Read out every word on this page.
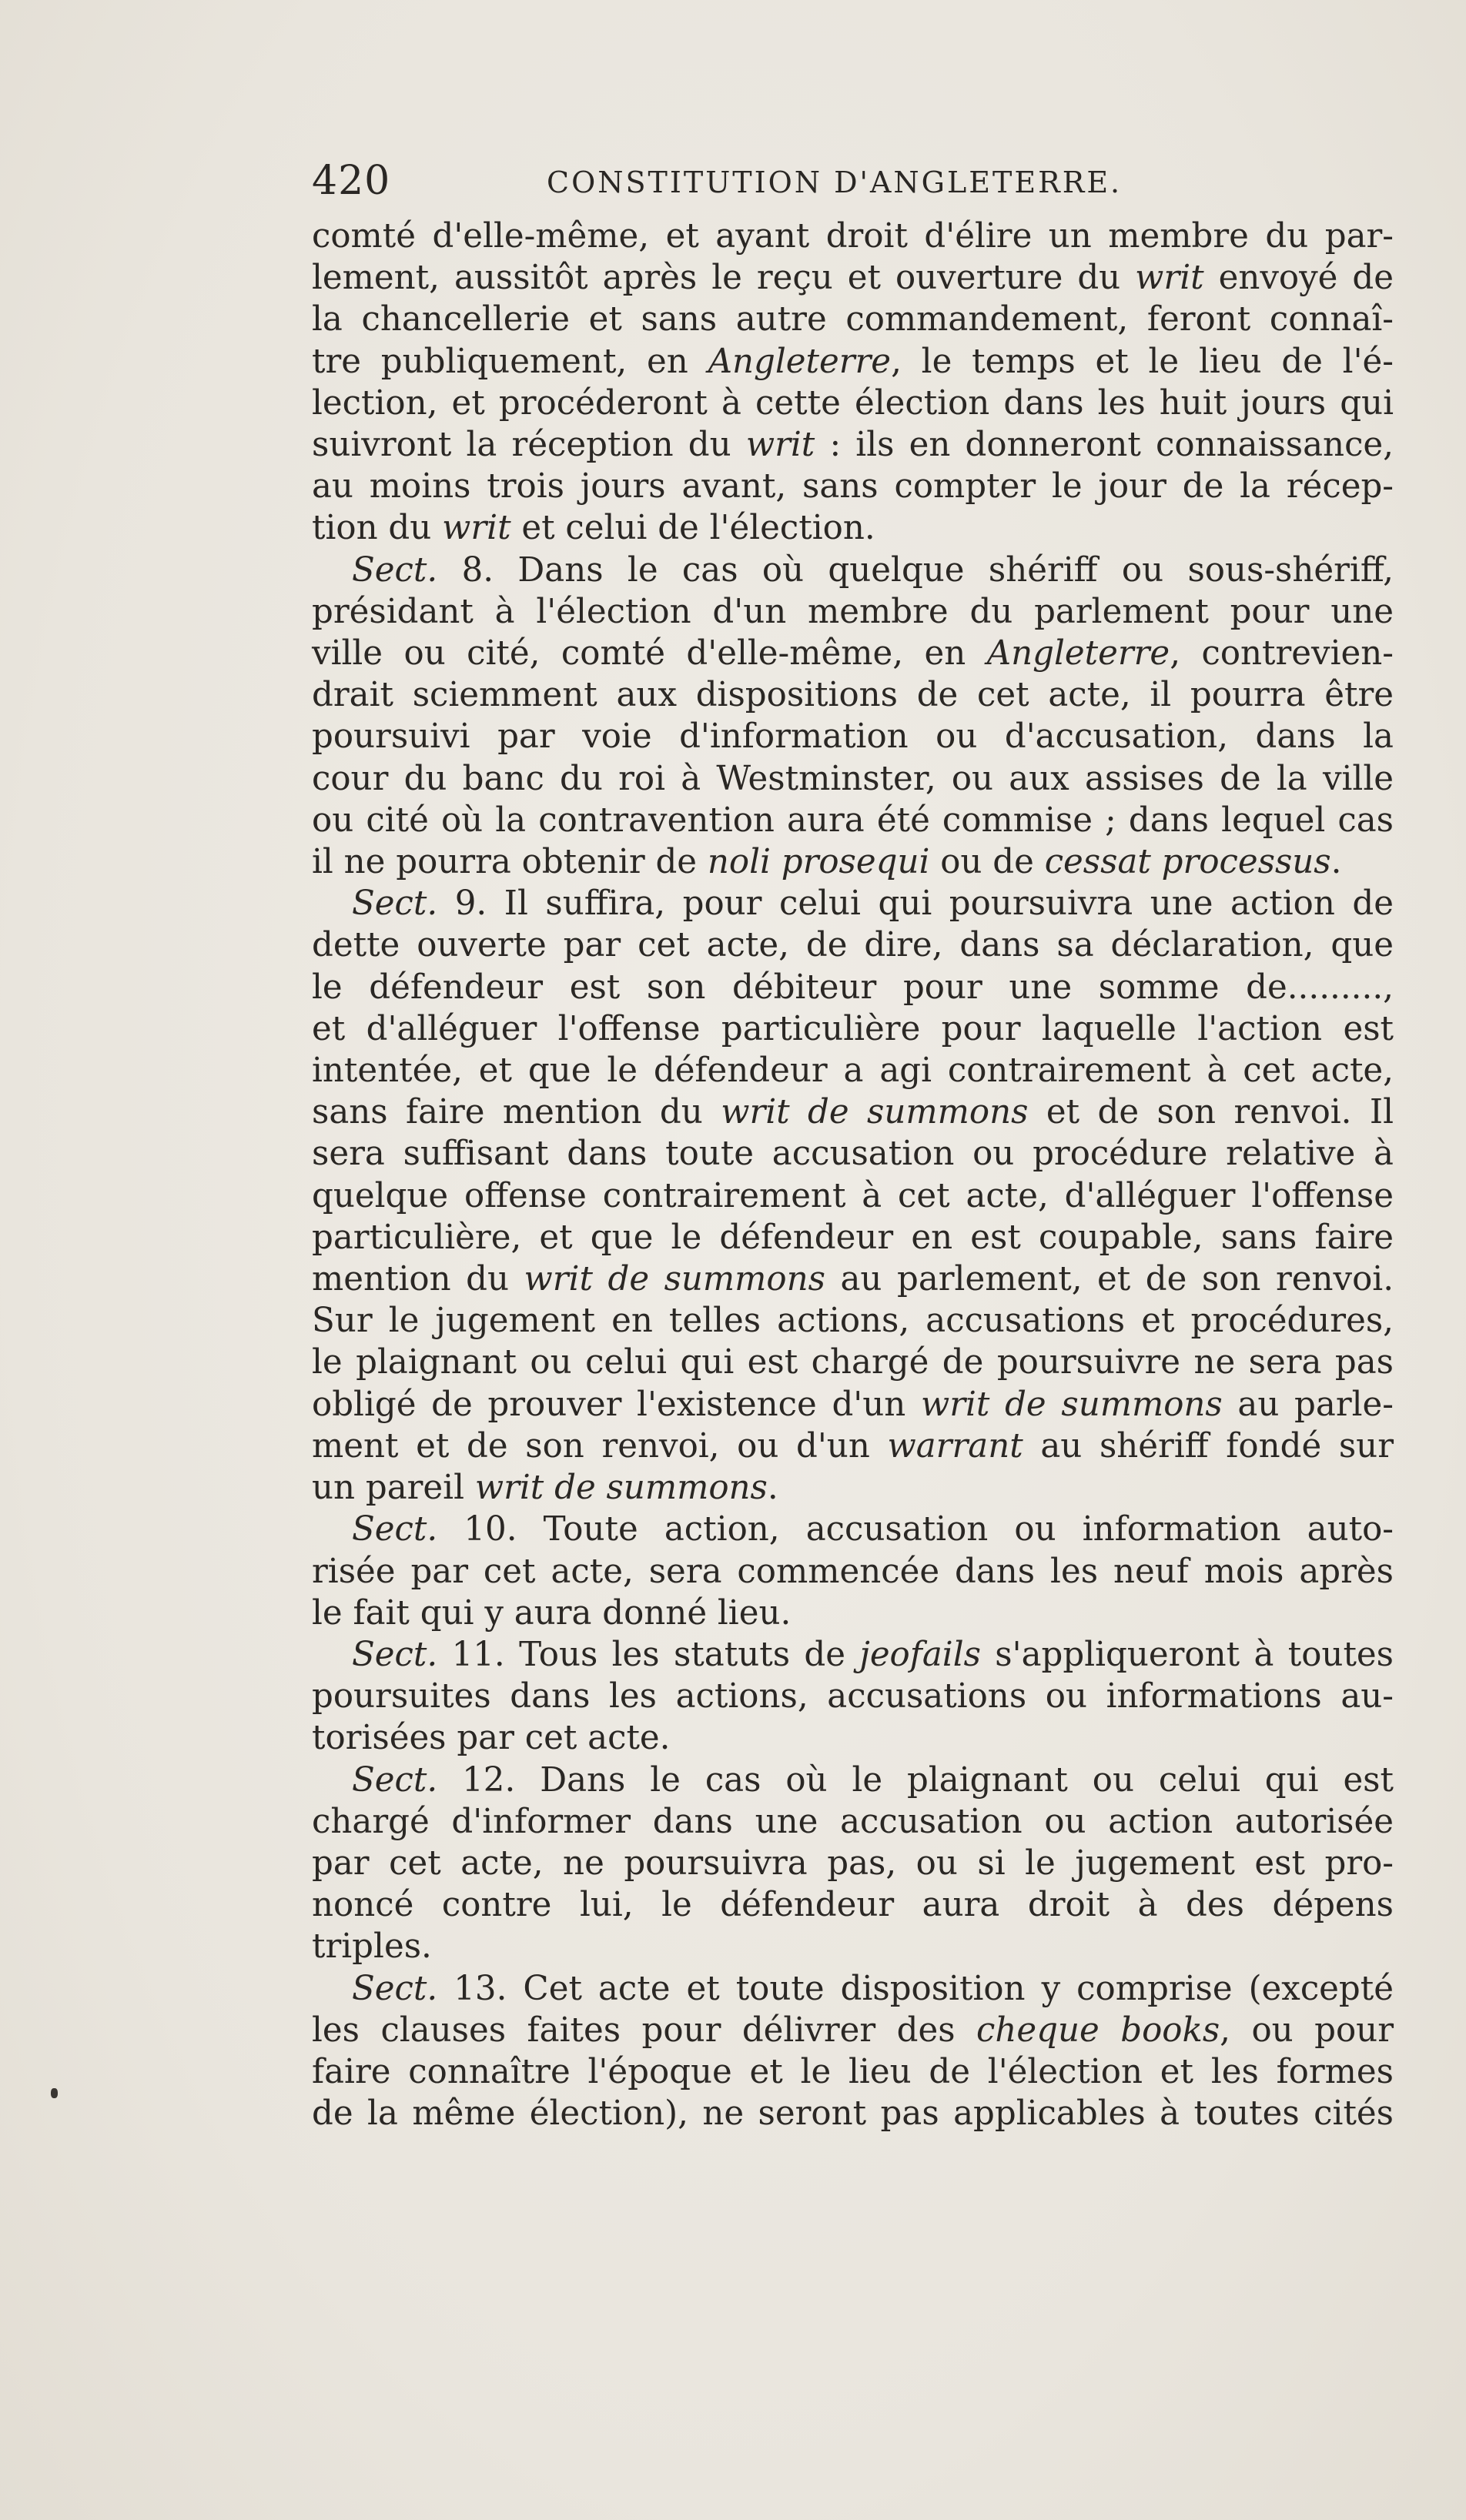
420	CONSTITUTION D'ANGLETERRE.

comté d'elle-même, et ayant droit d'élire un membre du par-
lement, aussitôt après le reçu et ouverture du writ envoyé de
la chancellerie et sans autre commandement, feront connaî-
tre publiquement, en Angleterre, le temps et le lieu de l'é-
lection, et procéderont à cette élection dans les huit jours qui
suivront la réception du writ : ils en donneront connaissance,
au moins trois jours avant, sans compter le jour de la récep-
tion du writ et celui de l'élection.

Sect. 8. Dans le cas où quelque shériff ou sous-shériff,
présidant à l'élection d'un membre du parlement pour une
ville ou cité, comté d'elle-même, en Angleterre, contrevien-
drait sciemment aux dispositions de cet acte, il pourra être
poursuivi par voie d'information ou d'accusation, dans la
cour du banc du roi à Westminster, ou aux assises de la ville
ou cité où la contravention aura été commise ; dans lequel cas
il ne pourra obtenir de noli prosequi ou de cessat processus.

Sect. 9. Il suffira, pour celui qui poursuivra une action de
dette ouverte par cet acte, de dire, dans sa déclaration, que
le défendeur est son débiteur pour une somme de.........,
et d'alléguer l'offense particulière pour laquelle l'action est
intentée, et que le défendeur a agi contrairement à cet acte,
sans faire mention du writ de summons et de son renvoi. Il
sera suffisant dans toute accusation ou procédure relative à
quelque offense contrairement à cet acte, d'alléguer l'offense
particulière, et que le défendeur en est coupable, sans faire
mention du writ de summons au parlement, et de son renvoi.
Sur le jugement en telles actions, accusations et procédures,
le plaignant ou celui qui est chargé de poursuivre ne sera pas
obligé de prouver l'existence d'un writ de summons au parle-
ment et de son renvoi, ou d'un warrant au shériff fondé sur
un pareil writ de summons.

Sect. 10. Toute action, accusation ou information auto-
risée par cet acte, sera commencée dans les neuf mois après
le fait qui y aura donné lieu.

Sect. 11. Tous les statuts de jeofails s'appliqueront à toutes
poursuites dans les actions, accusations ou informations au-
torisées par cet acte.

Sect. 12. Dans le cas où le plaignant ou celui qui est
chargé d'informer dans une accusation ou action autorisée
par cet acte, ne poursuivra pas, ou si le jugement est pro-
noncé contre lui, le défendeur aura droit à des dépens
triples.

Sect. 13. Cet acte et toute disposition y comprise (excepté
les clauses faites pour délivrer des cheque books, ou pour
faire connaître l'époque et le lieu de l'élection et les formes
de la même élection), ne seront pas applicables à toutes cités
